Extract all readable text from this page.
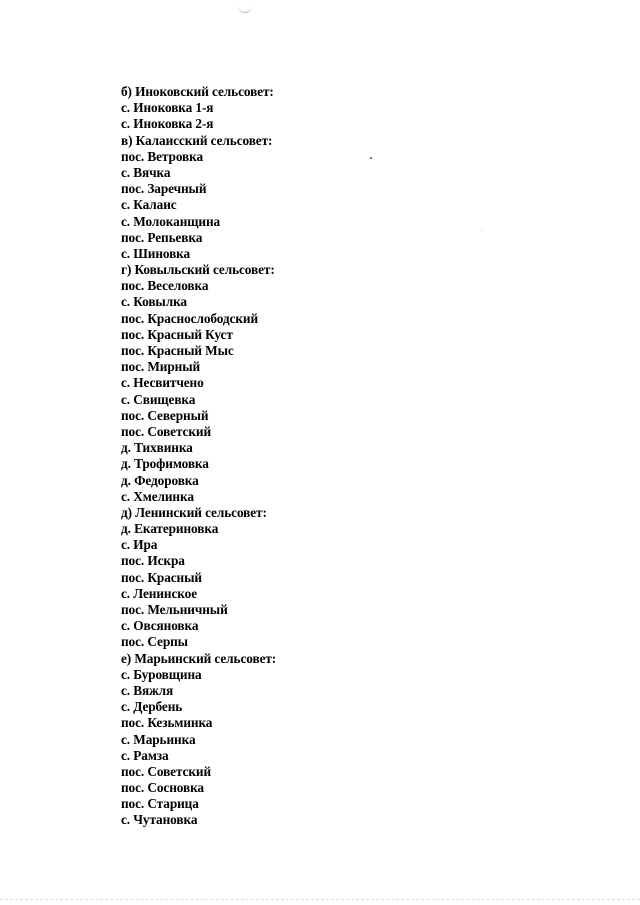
б) Иноковский сельсовет:
с. Иноковка 1-я
с. Иноковка 2-я
в) Калаисский сельсовет:
пос. Ветровка
с. Вячка
пос. Заречный
с. Калаис
с. Молоканщина
пос. Репьевка
с. Шиновка
г) Ковыльский сельсовет:
пос. Веселовка
с. Ковылка
пос. Краснослободский
пос. Красный Куст
пос. Красный Мыс
пос. Мирный
с. Несвитчено
с. Свищевка
пос. Северный
пос. Советский
д. Тихвинка
д. Трофимовка
д. Федоровка
с. Хмелинка
д) Ленинский сельсовет:
д. Екатериновка
с. Ира
пос. Искра
пос. Красный
с. Ленинское
пос. Мельничный
с. Овсяновка
пос. Серпы
е) Марьинский сельсовет:
с. Буровщина
с. Вяжля
с. Дербень
пос. Кезьминка
с. Марьинка
с. Рамза
пос. Советский
пос. Сосновка
пос. Старица
с. Чутановка
